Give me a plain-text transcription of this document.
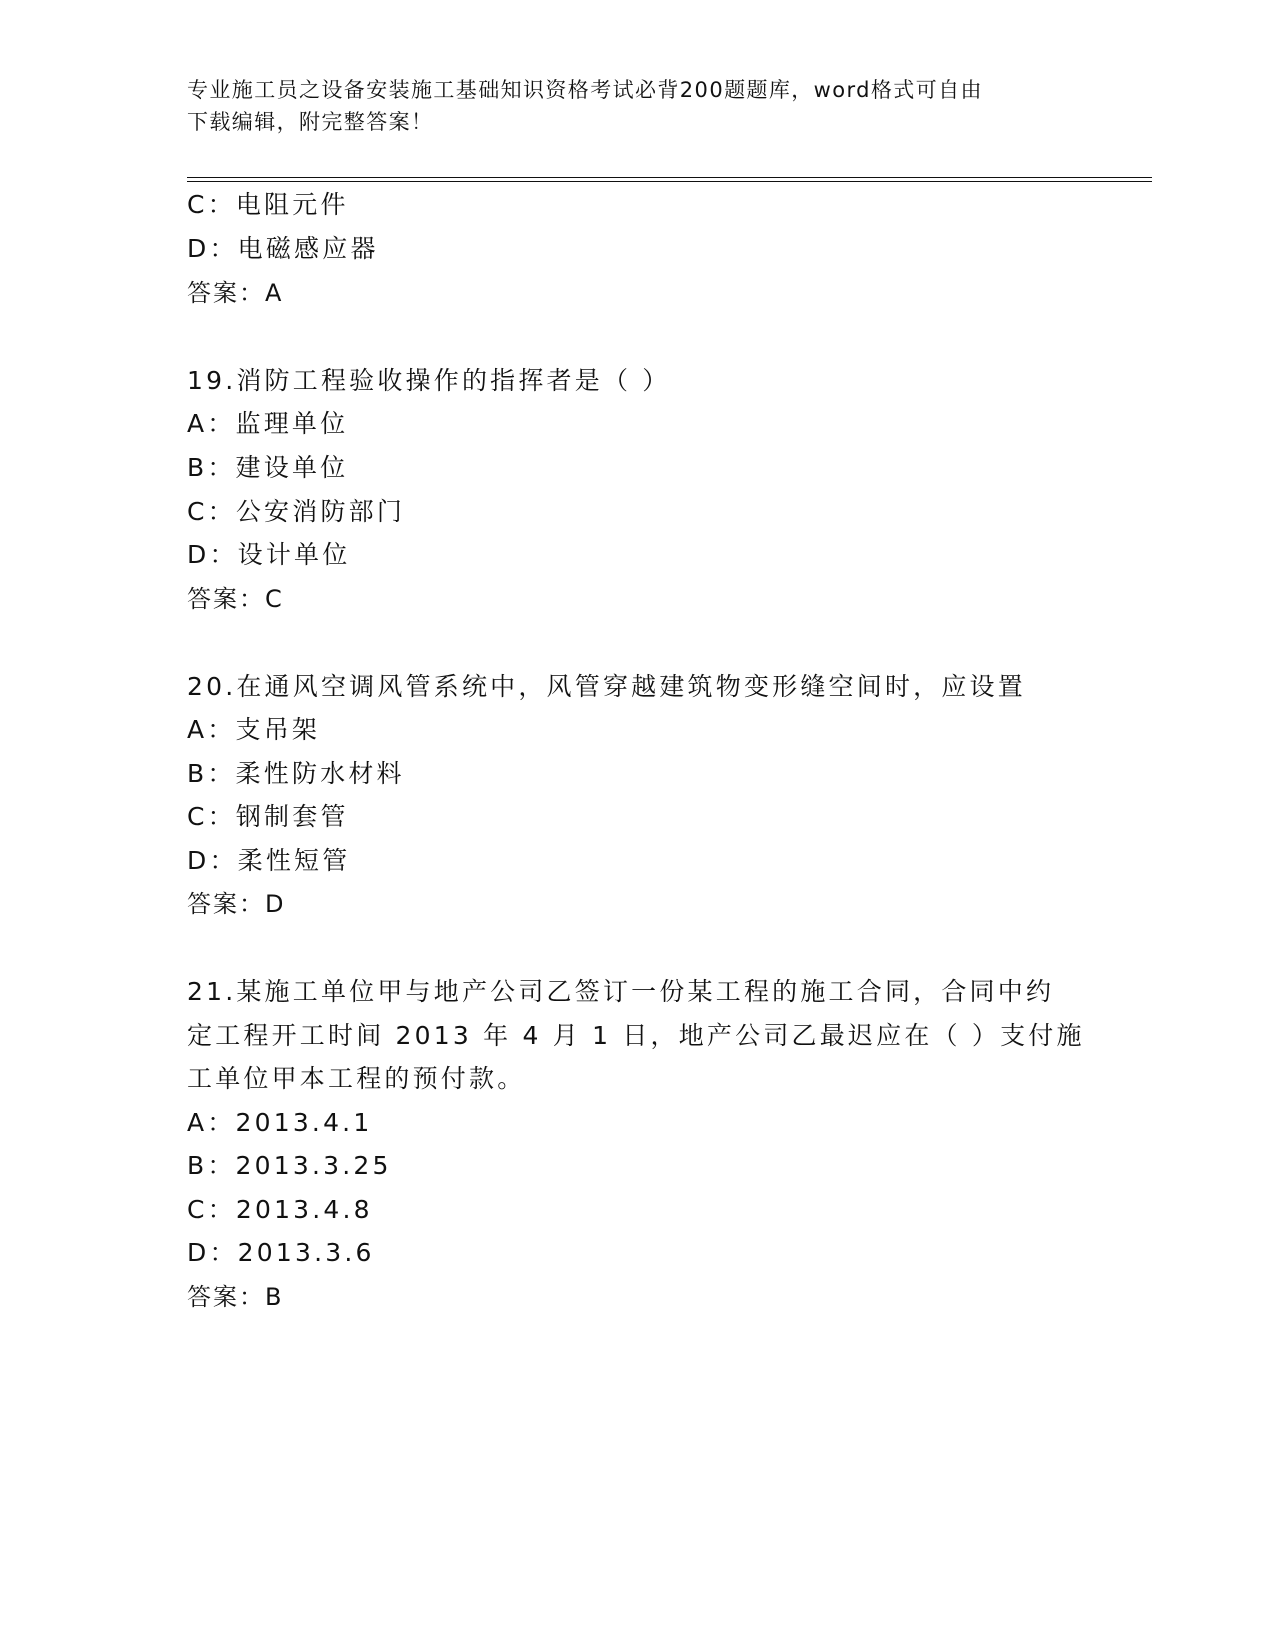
专业施工员之设备安装施工基础知识资格考试必背200题题库，word格式可自由
下载编辑，附完整答案！
C：电阻元件
D：电磁感应器
答案：A
19.消防工程验收操作的指挥者是（ ）
A：监理单位
B：建设单位
C：公安消防部门
D：设计单位
答案：C
20.在通风空调风管系统中，风管穿越建筑物变形缝空间时，应设置
A：支吊架
B：柔性防水材料
C：钢制套管
D：柔性短管
答案：D
21.某施工单位甲与地产公司乙签订一份某工程的施工合同，合同中约
定工程开工时间 2013 年 4 月 1 日，地产公司乙最迟应在（ ）支付施
工单位甲本工程的预付款。
A：2013.4.1
B：2013.3.25
C：2013.4.8
D：2013.3.6
答案：B
